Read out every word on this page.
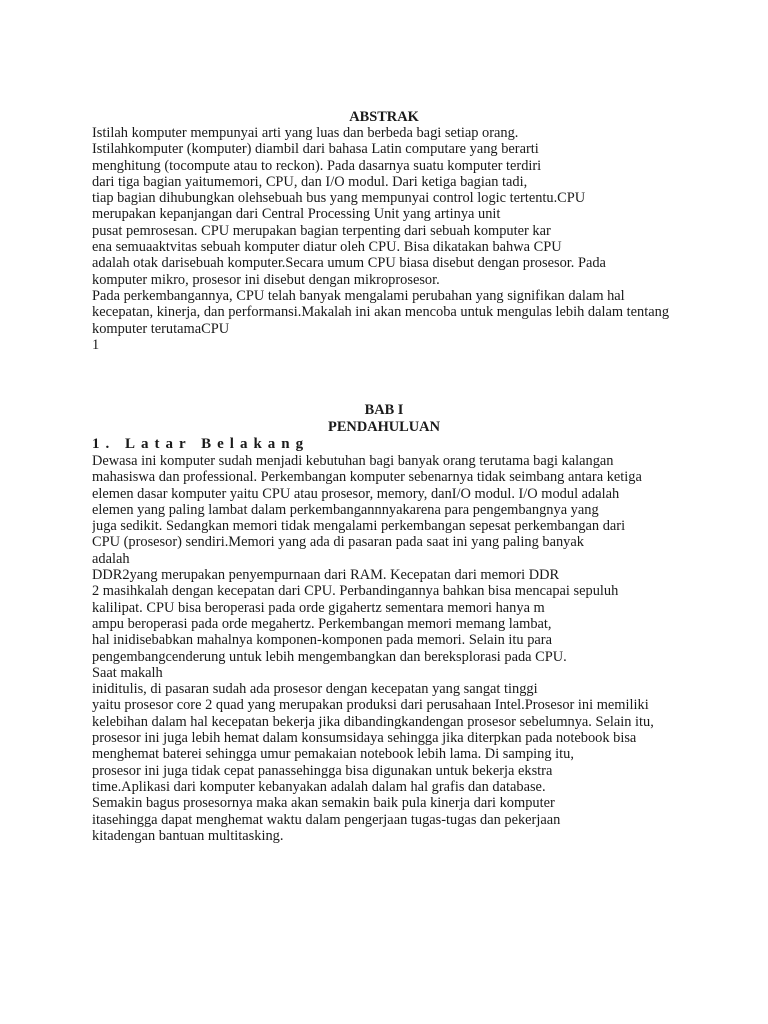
ABSTRAK
Istilah komputer mempunyai arti yang luas dan berbeda bagi setiap orang.
Istilahkomputer (komputer) diambil dari bahasa Latin computare yang berarti
menghitung (tocompute atau to reckon). Pada dasarnya suatu komputer terdiri
dari tiga bagian yaitumemori, CPU, dan I/O modul. Dari ketiga bagian tadi,
tiap bagian dihubungkan olehsebuah bus yang mempunyai control logic tertentu.CPU
merupakan kepanjangan dari Central Processing Unit yang artinya unit
pusat pemrosesan. CPU merupakan bagian terpenting dari sebuah komputer kar
ena semuaaktvitas sebuah komputer diatur oleh CPU. Bisa dikatakan bahwa CPU
adalah otak darisebuah komputer.Secara umum CPU biasa disebut dengan prosesor. Pada
komputer mikro, prosesor ini disebut dengan mikroprosesor.
Pada perkembangannya, CPU telah banyak mengalami perubahan yang signifikan dalam hal
kecepatan, kinerja, dan performansi.Makalah ini akan mencoba untuk mengulas lebih dalam tentang
komputer terutamaCPU
1
BAB I
PENDAHULUAN
1. Latar Belakang
Dewasa ini komputer sudah menjadi kebutuhan bagi banyak orang terutama bagi kalangan
mahasiswa dan professional. Perkembangan komputer sebenarnya tidak seimbang antara ketiga
elemen dasar komputer yaitu CPU atau prosesor, memory, danI/O modul. I/O modul adalah
elemen yang paling lambat dalam perkembangannnyakarena para pengembangnya yang
juga sedikit. Sedangkan memori tidak mengalami perkembangan sepesat perkembangan dari
CPU (prosesor) sendiri.Memori yang ada di pasaran pada saat ini yang paling banyak
adalah
DDR2yang merupakan penyempurnaan dari RAM. Kecepatan dari memori DDR
2 masihkalah dengan kecepatan dari CPU. Perbandingannya bahkan bisa mencapai sepuluh
kalilipat. CPU bisa beroperasi pada orde gigahertz sementara memori hanya m
ampu beroperasi pada orde megahertz. Perkembangan memori memang lambat,
hal inidisebabkan mahalnya komponen-komponen pada memori. Selain itu para
pengembangcenderung untuk lebih mengembangkan dan bereksplorasi pada CPU.
Saat makalh
iniditulis, di pasaran sudah ada prosesor dengan kecepatan yang sangat tinggi
yaitu prosesor core 2 quad yang merupakan produksi dari perusahaan Intel.Prosesor ini memiliki
kelebihan dalam hal kecepatan bekerja jika dibandingkandengan prosesor sebelumnya. Selain itu,
prosesor ini juga lebih hemat dalam konsumsidaya sehingga jika diterpkan pada notebook bisa
menghemat baterei sehingga umur pemakaian notebook lebih lama. Di samping itu,
prosesor ini juga tidak cepat panassehingga bisa digunakan untuk bekerja ekstra
time.Aplikasi dari komputer kebanyakan adalah dalam hal grafis dan database.
Semakin bagus prosesornya maka akan semakin baik pula kinerja dari komputer
itasehingga dapat menghemat waktu dalam pengerjaan tugas-tugas dan pekerjaan
kitadengan bantuan multitasking.
